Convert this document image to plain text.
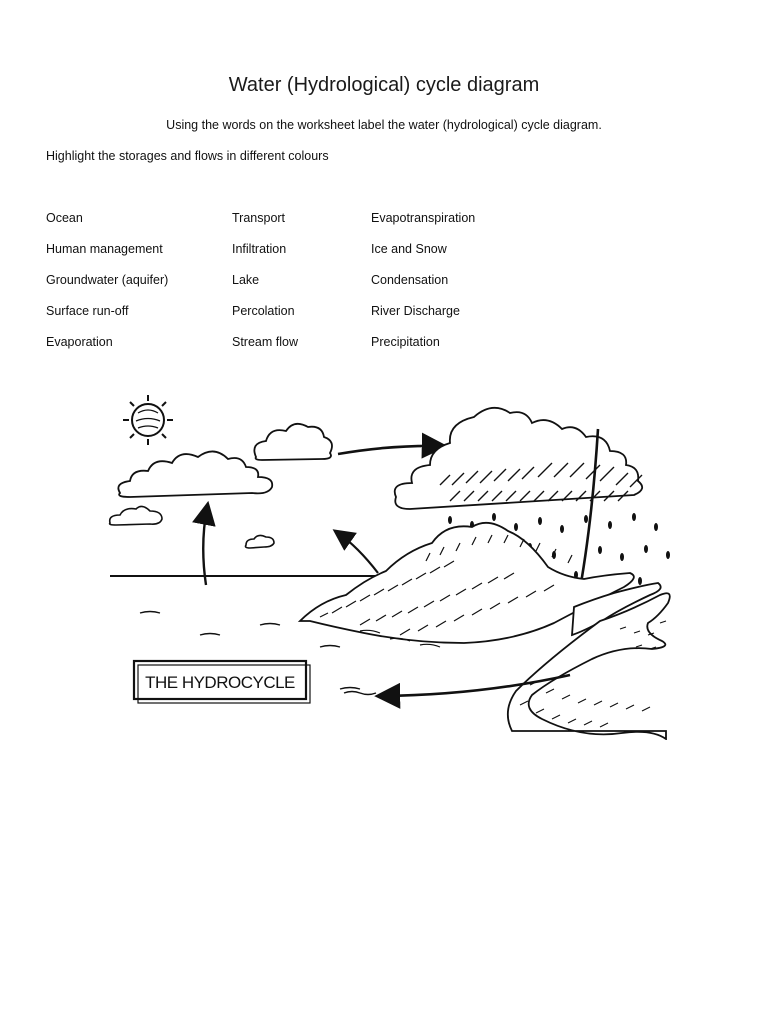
Water (Hydrological) cycle diagram
Using the words on the worksheet label the water (hydrological) cycle diagram.
Highlight the storages and flows in different colours
Ocean
Human management
Groundwater (aquifer)
Surface run-off
Evaporation
Transport
Infiltration
Lake
Percolation
Stream flow
Evapotranspiration
Ice and Snow
Condensation
River Discharge
Precipitation
THE HYDROCYCLE
